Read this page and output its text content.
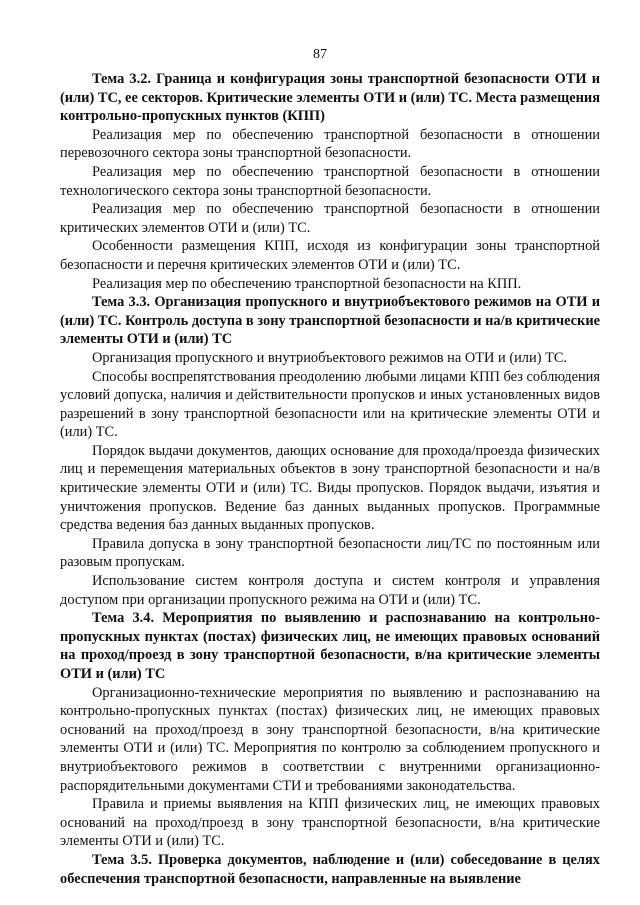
87

Тема 3.2. Граница и конфигурация зоны транспортной безопасности ОТИ и (или) ТС, ее секторов. Критические элементы ОТИ и (или) ТС. Места размещения контрольно-пропускных пунктов (КПП)

Реализация мер по обеспечению транспортной безопасности в отношении перевозочного сектора зоны транспортной безопасности.

Реализация мер по обеспечению транспортной безопасности в отношении технологического сектора зоны транспортной безопасности.

Реализация мер по обеспечению транспортной безопасности в отношении критических элементов ОТИ и (или) ТС.

Особенности размещения КПП, исходя из конфигурации зоны транспортной безопасности и перечня критических элементов ОТИ и (или) ТС.

Реализация мер по обеспечению транспортной безопасности на КПП.

Тема 3.3. Организация пропускного и внутриобъектового режимов на ОТИ и (или) ТС. Контроль доступа в зону транспортной безопасности и на/в критические элементы ОТИ и (или) ТС

Организация пропускного и внутриобъектового режимов на ОТИ и (или) ТС.

Способы воспрепятствования преодолению любыми лицами КПП без соблюдения условий допуска, наличия и действительности пропусков и иных установленных видов разрешений в зону транспортной безопасности или на критические элементы ОТИ и (или) ТС.

Порядок выдачи документов, дающих основание для прохода/проезда физических лиц и перемещения материальных объектов в зону транспортной безопасности и на/в критические элементы ОТИ и (или) ТС. Виды пропусков. Порядок выдачи, изъятия и уничтожения пропусков. Ведение баз данных выданных пропусков. Программные средства ведения баз данных выданных пропусков.

Правила допуска в зону транспортной безопасности лиц/ТС по постоянным или разовым пропускам.

Использование систем контроля доступа и систем контроля и управления доступом при организации пропускного режима на ОТИ и (или) ТС.

Тема 3.4. Мероприятия по выявлению и распознаванию на контрольно-пропускных пунктах (постах) физических лиц, не имеющих правовых оснований на проход/проезд в зону транспортной безопасности, в/на критические элементы ОТИ и (или) ТС

Организационно-технические мероприятия по выявлению и распознаванию на контрольно-пропускных пунктах (постах) физических лиц, не имеющих правовых оснований на проход/проезд в зону транспортной безопасности, в/на критические элементы ОТИ и (или) ТС. Мероприятия по контролю за соблюдением пропускного и внутриобъектового режимов в соответствии с внутренними организационно-распорядительными документами СТИ и требованиями законодательства.

Правила и приемы выявления на КПП физических лиц, не имеющих правовых оснований на проход/проезд в зону транспортной безопасности, в/на критические элементы ОТИ и (или) ТС.

Тема 3.5. Проверка документов, наблюдение и (или) собеседование в целях обеспечения транспортной безопасности, направленные на выявление
